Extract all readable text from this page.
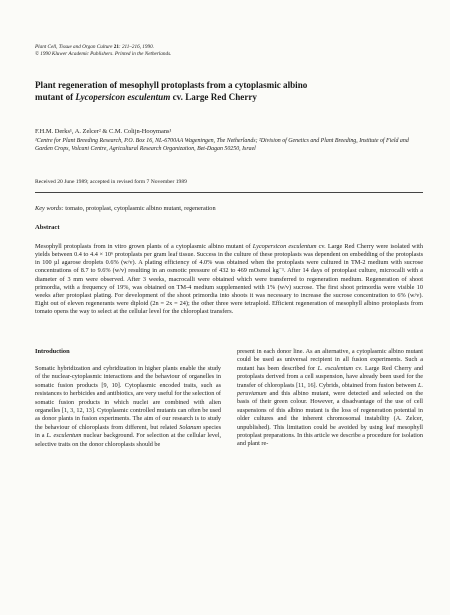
Plant Cell, Tissue and Organ Culture 21: 211–216, 1990.
© 1990 Kluwer Academic Publishers. Printed in the Netherlands.
Plant regeneration of mesophyll protoplasts from a cytoplasmic albino
mutant of Lycopersicon esculentum cv. Large Red Cherry
F.H.M. Derks¹, A. Zelcer² & C.M. Colijn-Hooymans¹
¹Centre for Plant Breeding Research, P.O. Box 16, NL-6700AA Wageningen, The Netherlands; ²Division of Genetics and Plant Breeding, Institute of Field and Garden Crops, Volcani Centre, Agricultural Research Organization, Bet-Dagan 50250, Israel
Received 20 June 1989; accepted in revised form 7 November 1989
Key words: tomato, protoplast, cytoplasmic albino mutant, regeneration
Abstract

Mesophyll protoplasts from in vitro grown plants of a cytoplasmic albino mutant of Lycopersicon esculentum cv. Large Red Cherry were isolated with yields between 0.4 to 4.4 × 10⁶ protoplasts per gram leaf tissue. Success in the culture of these protoplasts was dependent on embedding of the protoplasts in 100 µl agarose droplets 0.6% (w/v). A plating efficiency of 4.0% was obtained when the protoplasts were cultured in TM-2 medium with sucrose concentrations of 8.7 to 9.6% (w/v) resulting in an osmotic pressure of 432 to 469 mOsmol kg⁻¹. After 14 days of protoplast culture, microcalli with a diameter of 3 mm were observed. After 3 weeks, macrocalli were obtained which were transferred to regeneration medium. Regeneration of shoot primordia, with a frequency of 19%, was obtained on TM-4 medium supplemented with 1% (w/v) sucrose. The first shoot primordia were visible 10 weeks after protoplast plating. For development of the shoot primordia into shoots it was necessary to increase the sucrose concentration to 6% (w/v). Eight out of eleven regenerants were diploid (2n = 2x = 24); the other three were tetraploid. Efficient regeneration of mesophyll albino protoplasts from tomato opens the way to select at the cellular level for the chloroplast transfers.

Introduction

Somatic hybridization and cybridization in higher plants enable the study of the nuclear-cytoplasmic interactions and the behaviour of organelles in somatic fusion products [9, 10]. Cytoplasmic encoded traits, such as resistances to herbicides and antibiotics, are very useful for the selection of somatic fusion products in which nuclei are combined with alien organelles [1, 3, 12, 13]. Cytoplasmic controlled mutants can often be used as donor plants in fusion experiments. The aim of our research is to study the behaviour of chloroplasts from different, but related Solanum species in a L. esculentum nuclear background. For selection at the cellular level, selective traits on the donor chloroplasts should be

present in each donor line. As an alternative, a cytoplasmic albino mutant could be used as universal recipient in all fusion experiments. Such a mutant has been described for L. esculentum cv. Large Red Cherry and protoplasts derived from a cell suspension, have already been used for the transfer of chloroplasts [11, 16]. Cybrids, obtained from fusion between L. peruvianum and this albino mutant, were detected and selected on the basis of their green colour. However, a disadvantage of the use of cell suspensions of this albino mutant is the loss of regeneration potential in older cultures and the inherent chromosomal instability (A. Zelcer, unpublished). This limitation could be avoided by using leaf mesophyll protoplast preparations. In this article we describe a procedure for isolation and plant re-
